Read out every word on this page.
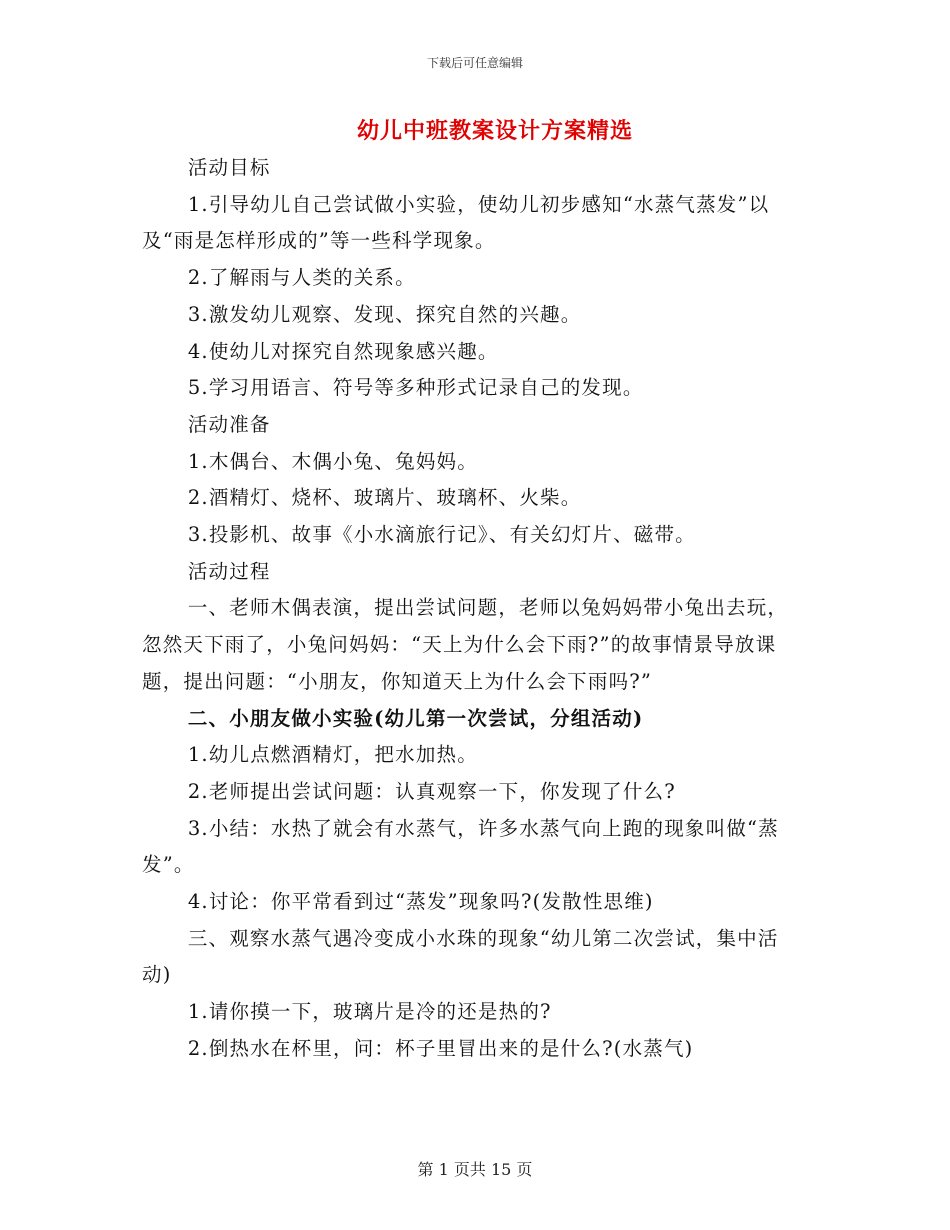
下载后可任意编辑
幼儿中班教案设计方案精选

活动目标

1.引导幼儿自己尝试做小实验，使幼儿初步感知“水蒸气蒸发”以及“雨是怎样形成的”等一些科学现象。

2.了解雨与人类的关系。

3.激发幼儿观察、发现、探究自然的兴趣。

4.使幼儿对探究自然现象感兴趣。

5.学习用语言、符号等多种形式记录自己的发现。

活动准备

1.木偶台、木偶小兔、兔妈妈。

2.酒精灯、烧杯、玻璃片、玻璃杯、火柴。

3.投影机、故事《小水滴旅行记》、有关幻灯片、磁带。

活动过程

一、老师木偶表演，提出尝试问题，老师以兔妈妈带小兔出去玩，忽然天下雨了，小兔问妈妈：“天上为什么会下雨?”的故事情景导放课题，提出问题：“小朋友，你知道天上为什么会下雨吗?”

二、小朋友做小实验(幼儿第一次尝试，分组活动)

1.幼儿点燃酒精灯，把水加热。

2.老师提出尝试问题：认真观察一下，你发现了什么?

3.小结：水热了就会有水蒸气，许多水蒸气向上跑的现象叫做“蒸发”。

4.讨论：你平常看到过“蒸发”现象吗?(发散性思维)

三、观察水蒸气遇冷变成小水珠的现象“幼儿第二次尝试，集中活动)

1.请你摸一下，玻璃片是冷的还是热的?

2.倒热水在杯里，问：杯子里冒出来的是什么?(水蒸气)

第 1 页共 15 页
